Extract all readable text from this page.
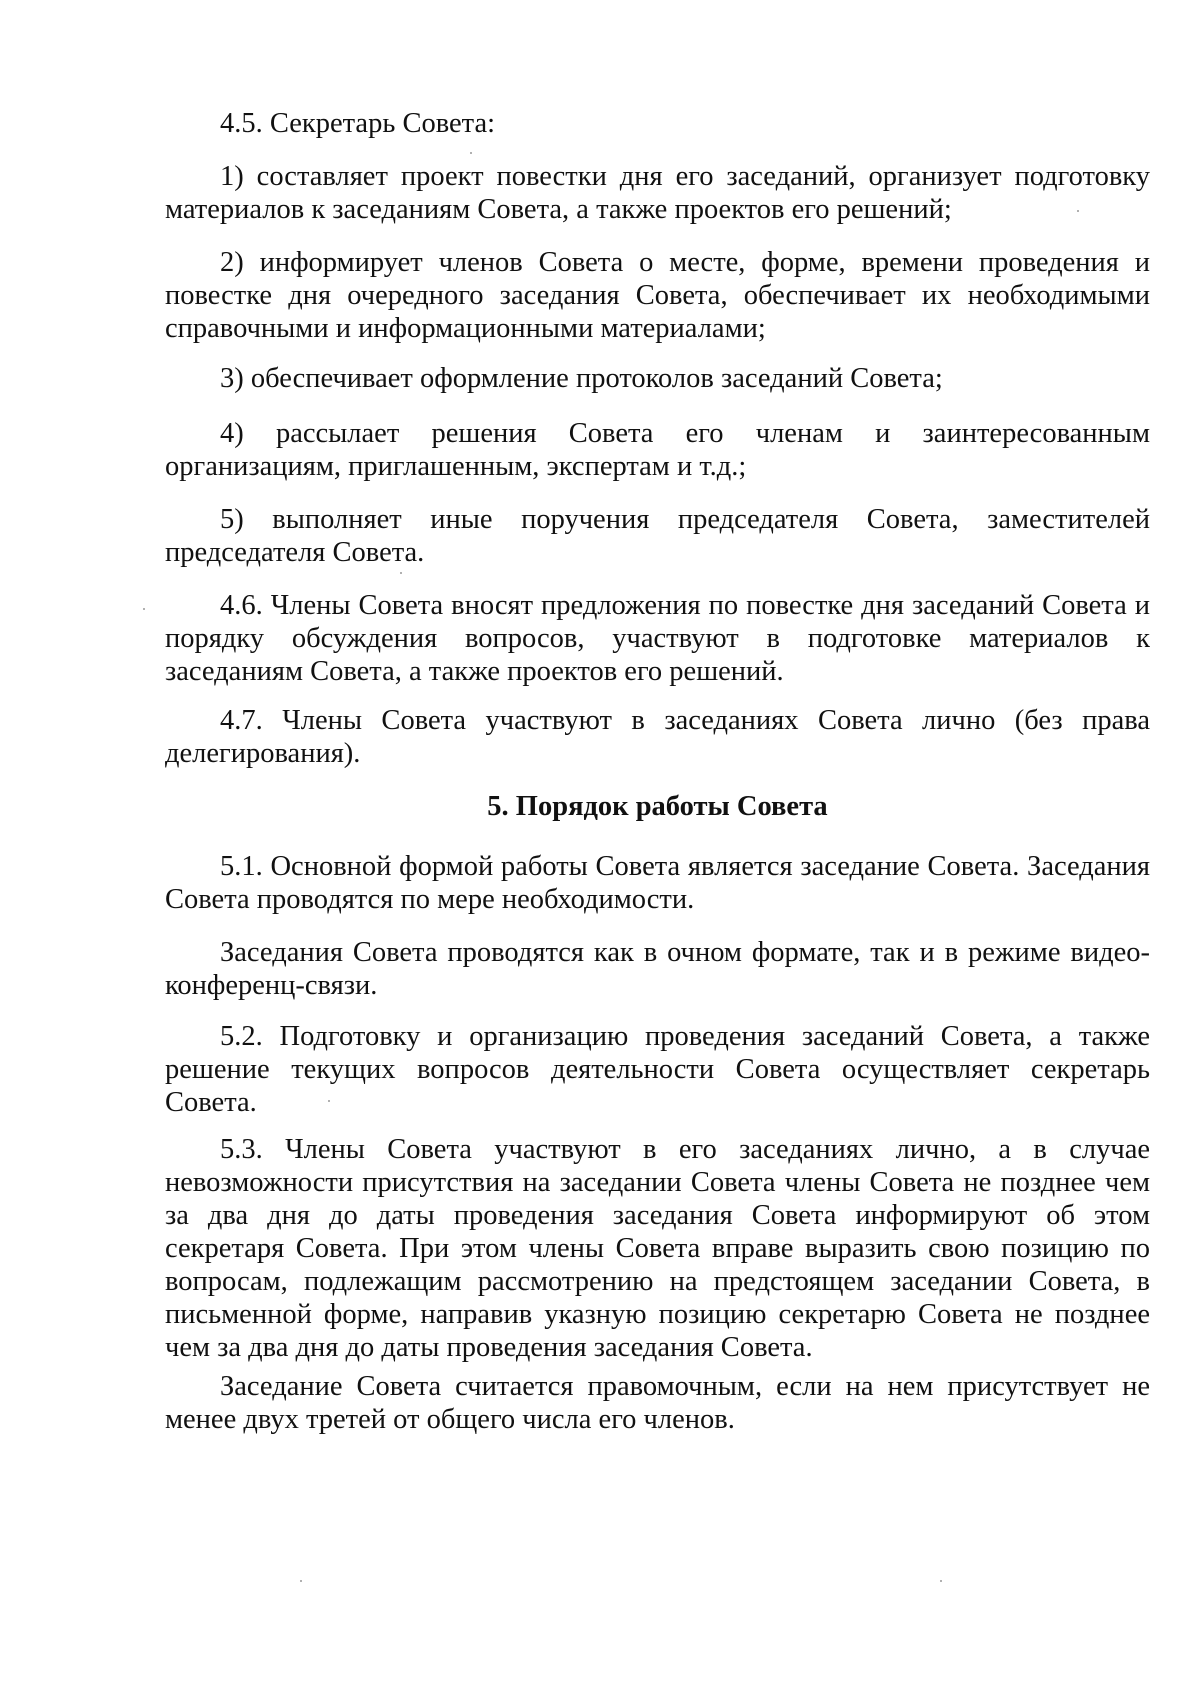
4.5. Секретарь Совета:

1) составляет проект повестки дня его заседаний, организует подготовку материалов к заседаниям Совета, а также проектов его решений;

2) информирует членов Совета о месте, форме, времени проведения и повестке дня очередного заседания Совета, обеспечивает их необходимыми справочными и информационными материалами;

3) обеспечивает оформление протоколов заседаний Совета;

4) рассылает решения Совета его членам и заинтересованным организациям, приглашенным, экспертам и т.д.;

5) выполняет иные поручения председателя Совета, заместителей председателя Совета.

4.6. Члены Совета вносят предложения по повестке дня заседаний Совета и порядку обсуждения вопросов, участвуют в подготовке материалов к заседаниям Совета, а также проектов его решений.

4.7. Члены Совета участвуют в заседаниях Совета лично (без права делегирования).

5. Порядок работы Совета

5.1. Основной формой работы Совета является заседание Совета. Заседания Совета проводятся по мере необходимости.

Заседания Совета проводятся как в очном формате, так и в режиме видео-конференц-связи.

5.2. Подготовку и организацию проведения заседаний Совета, а также решение текущих вопросов деятельности Совета осуществляет секретарь Совета.

5.3. Члены Совета участвуют в его заседаниях лично, а в случае невозможности присутствия на заседании Совета члены Совета не позднее чем за два дня до даты проведения заседания Совета информируют об этом секретаря Совета. При этом члены Совета вправе выразить свою позицию по вопросам, подлежащим рассмотрению на предстоящем заседании Совета, в письменной форме, направив указную позицию секретарю Совета не позднее чем за два дня до даты проведения заседания Совета.

Заседание Совета считается правомочным, если на нем присутствует не менее двух третей от общего числа его членов.
